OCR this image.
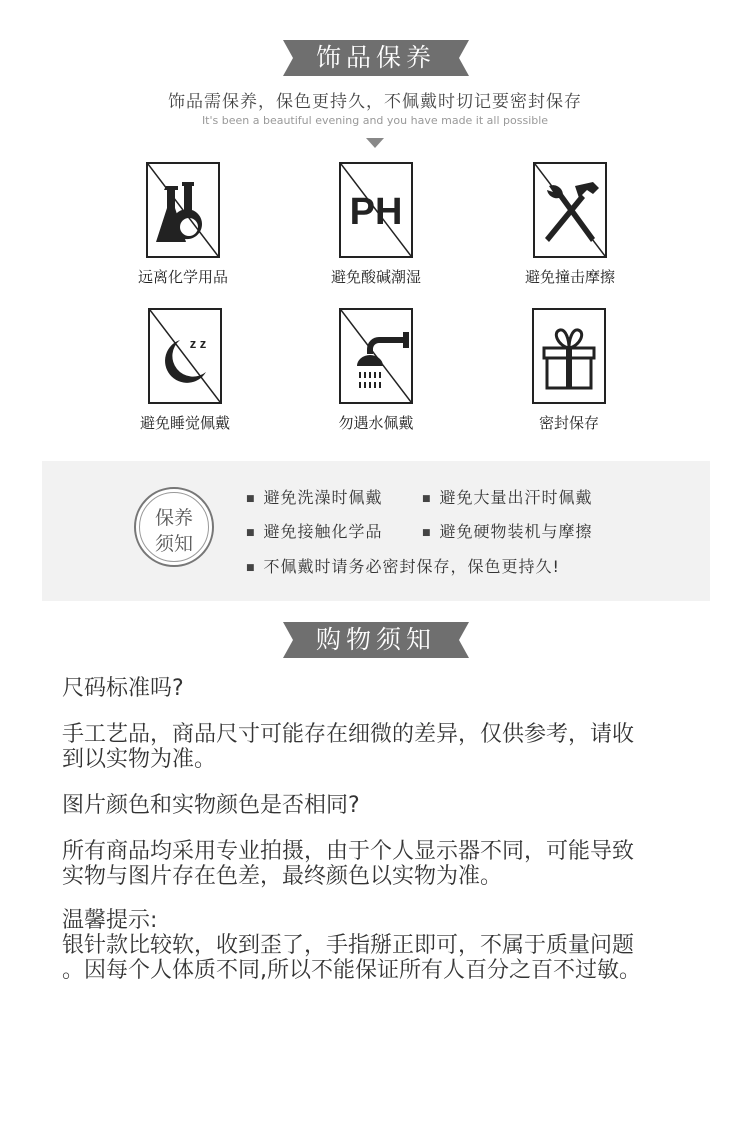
饰品保养
饰品需保养，保色更持久，不佩戴时切记要密封保存
It's been a beautiful evening and you have made it all possible
远离化学用品
PH
避免酸碱潮湿	避免撞击摩擦
z z
避免睡觉佩戴	勿遇水佩戴	密封保存
保养
须知
■ 避免洗澡时佩戴	■ 避免大量出汗时佩戴
■ 避免接触化学品	■ 避免硬物装机与摩擦
■ 不佩戴时请务必密封保存，保色更持久!
购物须知
尺码标准吗?
手工艺品，商品尺寸可能存在细微的差异，仅供参考，请收
到以实物为准。
图片颜色和实物颜色是否相同?
所有商品均采用专业拍摄，由于个人显示器不同，可能导致
实物与图片存在色差，最终颜色以实物为准。
温馨提示:
银针款比较软，收到歪了，手指掰正即可，不属于质量问题
。因每个人体质不同,所以不能保证所有人百分之百不过敏。
